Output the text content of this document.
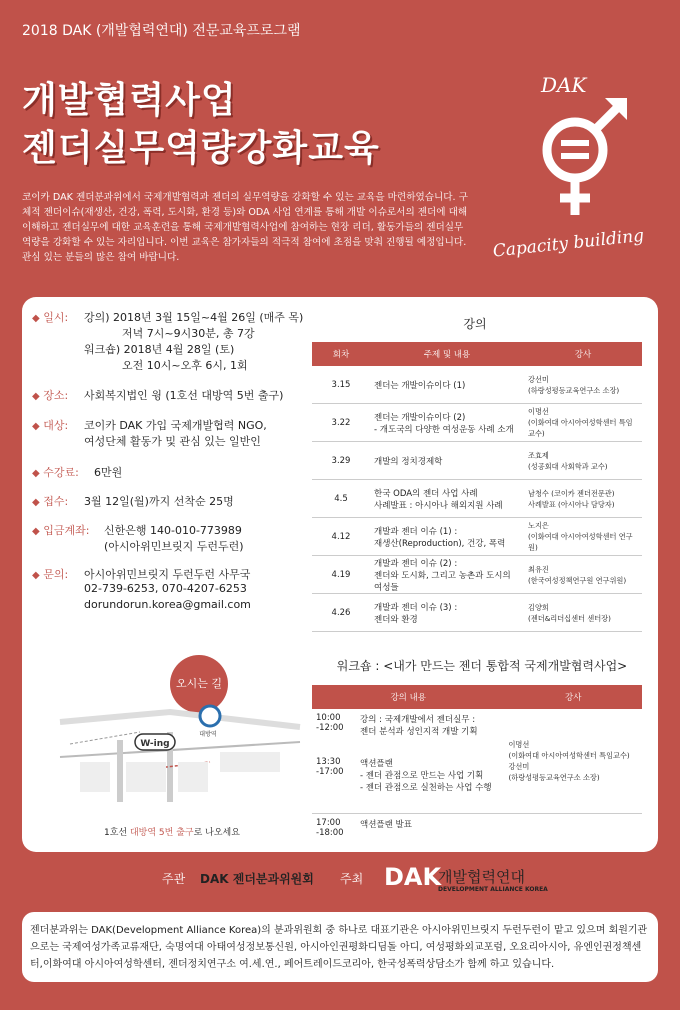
2018 DAK (개발협력연대) 전문교육프로그램
개발협력사업
젠더실무역량강화교육
DAK
Capacity building
코이카 DAK 젠더분과위에서 국제개발협력과 젠더의 실무역량을 강화할 수 있는 교육을 마련하였습니다. 구체적 젠더이슈(재생산, 건강, 폭력, 도시화, 환경 등)와 ODA 사업 연계를 통해 개발 이슈로서의 젠더에 대해 이해하고 젠더실무에 대한 교육훈련을 통해 국제개발협력사업에 참여하는 현장 리더, 활동가들의 젠더실무역량을 강화할 수 있는 자리입니다. 이번 교육은 참가자들의 적극적 참여에 초점을 맞춰 진행될 예정입니다. 관심 있는 분들의 많은 참여 바랍니다.
◆ 일시: 강의) 2018년 3월 15일~4월 26일 (매주 목)
저녁 7시~9시30분, 총 7강
워크숍) 2018년 4월 28일 (토)
오전 10시~오후 6시, 1회
◆ 장소: 사회복지법인 윙 (1호선 대방역 5번 출구)
◆ 대상: 코이카 DAK 가입 국제개발협력 NGO,
여성단체 활동가 및 관심 있는 일반인
◆ 수강료: 6만원
◆ 접수: 3월 12일(월)까지 선착순 25명
◆ 입금계좌: 신한은행 140-010-773989
(아시아위민브릿지 두런두런)
◆ 문의: 아시아위민브릿지 두런두런 사무국
02-739-6253, 070-4207-6253
dorundorun.korea@gmail.com
오시는 길
W-ing
대방역
1호선 대방역 5번 출구로 나오세요
강의
회차	주제 및 내용	강사
3.15	젠더는 개발이슈이다 (1)	강선미
(하랑성평등교육연구소 소장)
3.22	젠더는 개발이슈이다 (2)
- 개도국의 다양한 여성운동 사례 소개	이명선
(이화여대 아시아여성학센터 특임교수)
3.29	개발의 정치경제학	조효제
(성공회대 사회학과 교수)
4.5	한국 ODA의 젠더 사업 사례
사례발표 : 아시아나 해외지원 사례	남청수 (코이카 젠더전문관)
사례발표 (아시아나 담당자)
4.12	개발과 젠더 이슈 (1) :
재생산(Reproduction), 건강, 폭력	노지은
(이화여대 아시아여성학센터 연구원)
4.19	개발과 젠더 이슈 (2) :
젠더와 도시화, 그리고 농촌과 도시의 여성들	최유진
(한국여성정책연구원 연구위원)
4.26	개발과 젠더 이슈 (3) :
젠더와 환경	김양희
(젠더&리더십센터 센터장)
워크숍 : <내가 만드는 젠더 통합적 국제개발협력사업>
강의 내용		강사
10:00
-12:00	강의 : 국제개발에서 젠더실무 :
젠더 분석과 성인지적 개발 기획	이명선
(이화여대 아시아여성학센터 특임교수)
강선미
(하랑성평등교육연구소 소장)
13:30
-17:00	액션플랜
- 젠더 관점으로 만드는 사업 기획
- 젠더 관점으로 실천하는 사업 수행	
17:00
-18:00	액션플랜 발표	
주관 DAK 젠더분과위원회 주최 DAK
개발협력연대
DEVELOPMENT ALLIANCE KOREA
젠더분과위는 DAK(Development Alliance Korea)의 분과위원회 중 하나로 대표기관은 아시아위민브릿지 두런두런이 맡고 있으며 회원기관으로는 국제여성가족교류재단, 숙명여대 아태여성정보통신원, 아시아인권평화디딤돌 아디, 여성평화외교포럼, 오요리아시아, 유엔인권정책센터,이화여대 아시아여성학센터, 젠더정치연구소 여.세.연., 페어트레이드코리아, 한국성폭력상담소가 함께 하고 있습니다.
